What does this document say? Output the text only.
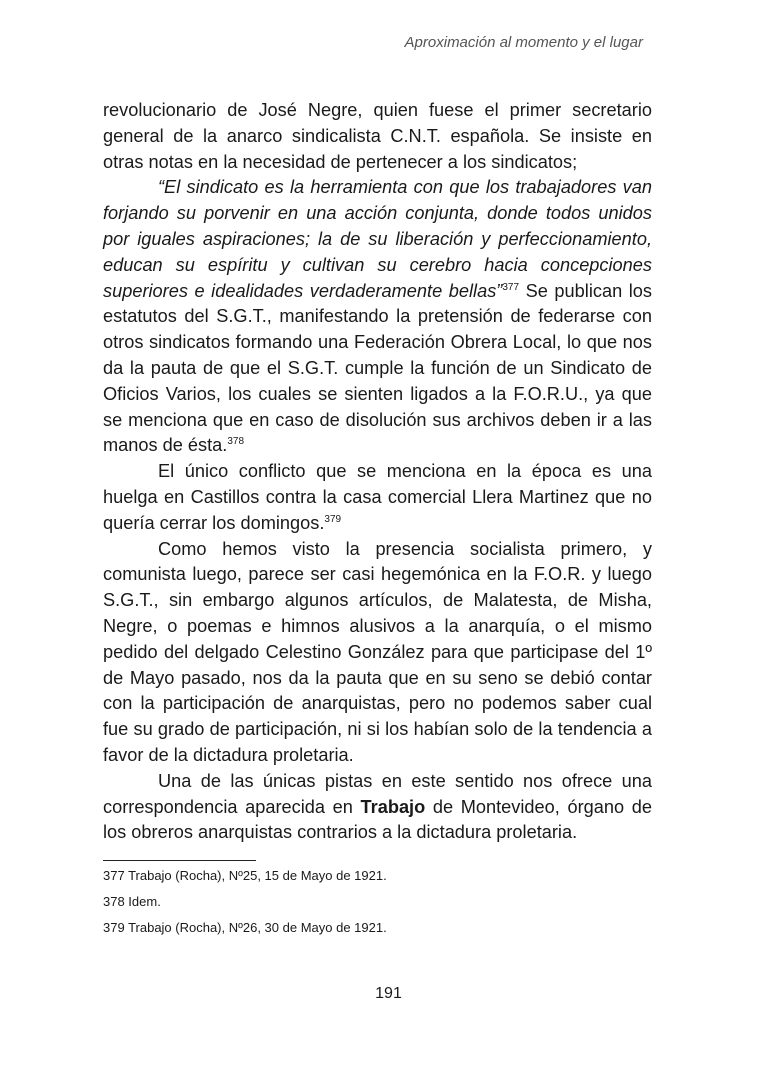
Aproximación al momento y el lugar

revolucionario de José Negre, quien fuese el primer secretario general de la anarco sindicalista C.N.T. española. Se insiste en otras notas en la necesidad de pertenecer a los sindicatos;

“El sindicato es la herramienta con que los trabajadores van forjando su porvenir en una acción conjunta, donde todos unidos por iguales aspiraciones; la de su liberación y perfeccionamiento, educan su espíritu y cultivan su cerebro hacia concepciones superiores e idealidades verdaderamente bellas”$^{377}$ Se publican los estatutos del S.G.T., manifestando la pretensión de federarse con otros sindicatos formando una Federación Obrera Local, lo que nos da la pauta de que el S.G.T. cumple la función de un Sindicato de Oficios Varios, los cuales se sienten ligados a la F.O.R.U., ya que se menciona que en caso de disolución sus archivos deben ir a las manos de ésta.$^{378}$

El único conflicto que se menciona en la época es una huelga en Castillos contra la casa comercial Llera Martinez que no quería cerrar los domingos.$^{379}$

Como hemos visto la presencia socialista primero, y comunista luego, parece ser casi hegemónica en la F.O.R. y luego S.G.T., sin embargo algunos artículos, de Malatesta, de Misha, Negre, o poemas e himnos alusivos a la anarquía, o el mismo pedido del delgado Celestino González para que participase del 1º de Mayo pasado, nos da la pauta que en su seno se debió contar con la participación de anarquistas, pero no podemos saber cual fue su grado de participación, ni si los habían solo de la tendencia a favor de la dictadura proletaria.

Una de las únicas pistas en este sentido nos ofrece una correspondencia aparecida en Trabajo de Montevideo, órgano de los obreros anarquistas contrarios a la dictadura proletaria.

377 Trabajo (Rocha), Nº25, 15 de Mayo de 1921.
378 Idem.
379 Trabajo (Rocha), Nº26, 30 de Mayo de 1921.
191
